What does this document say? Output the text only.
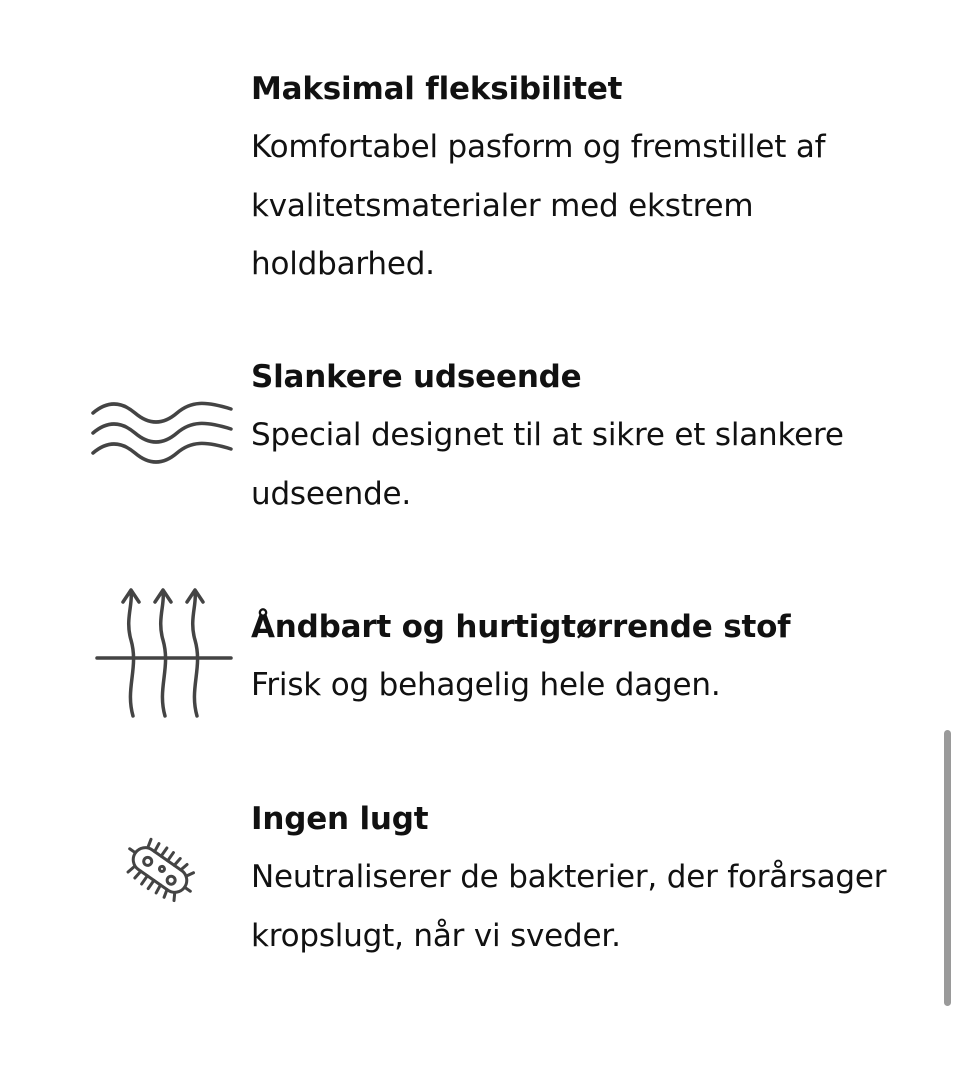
Maksimal fleksibilitet

Komfortabel pasform og fremstillet af kvalitetsmaterialer med ekstrem holdbarhed.

Slankere udseende

Special designet til at sikre et slankere udseende.

Åndbart og hurtigtørrende stof

Frisk og behagelig hele dagen.

Ingen lugt

Neutraliserer de bakterier, der forårsager kropslugt, når vi sveder.
